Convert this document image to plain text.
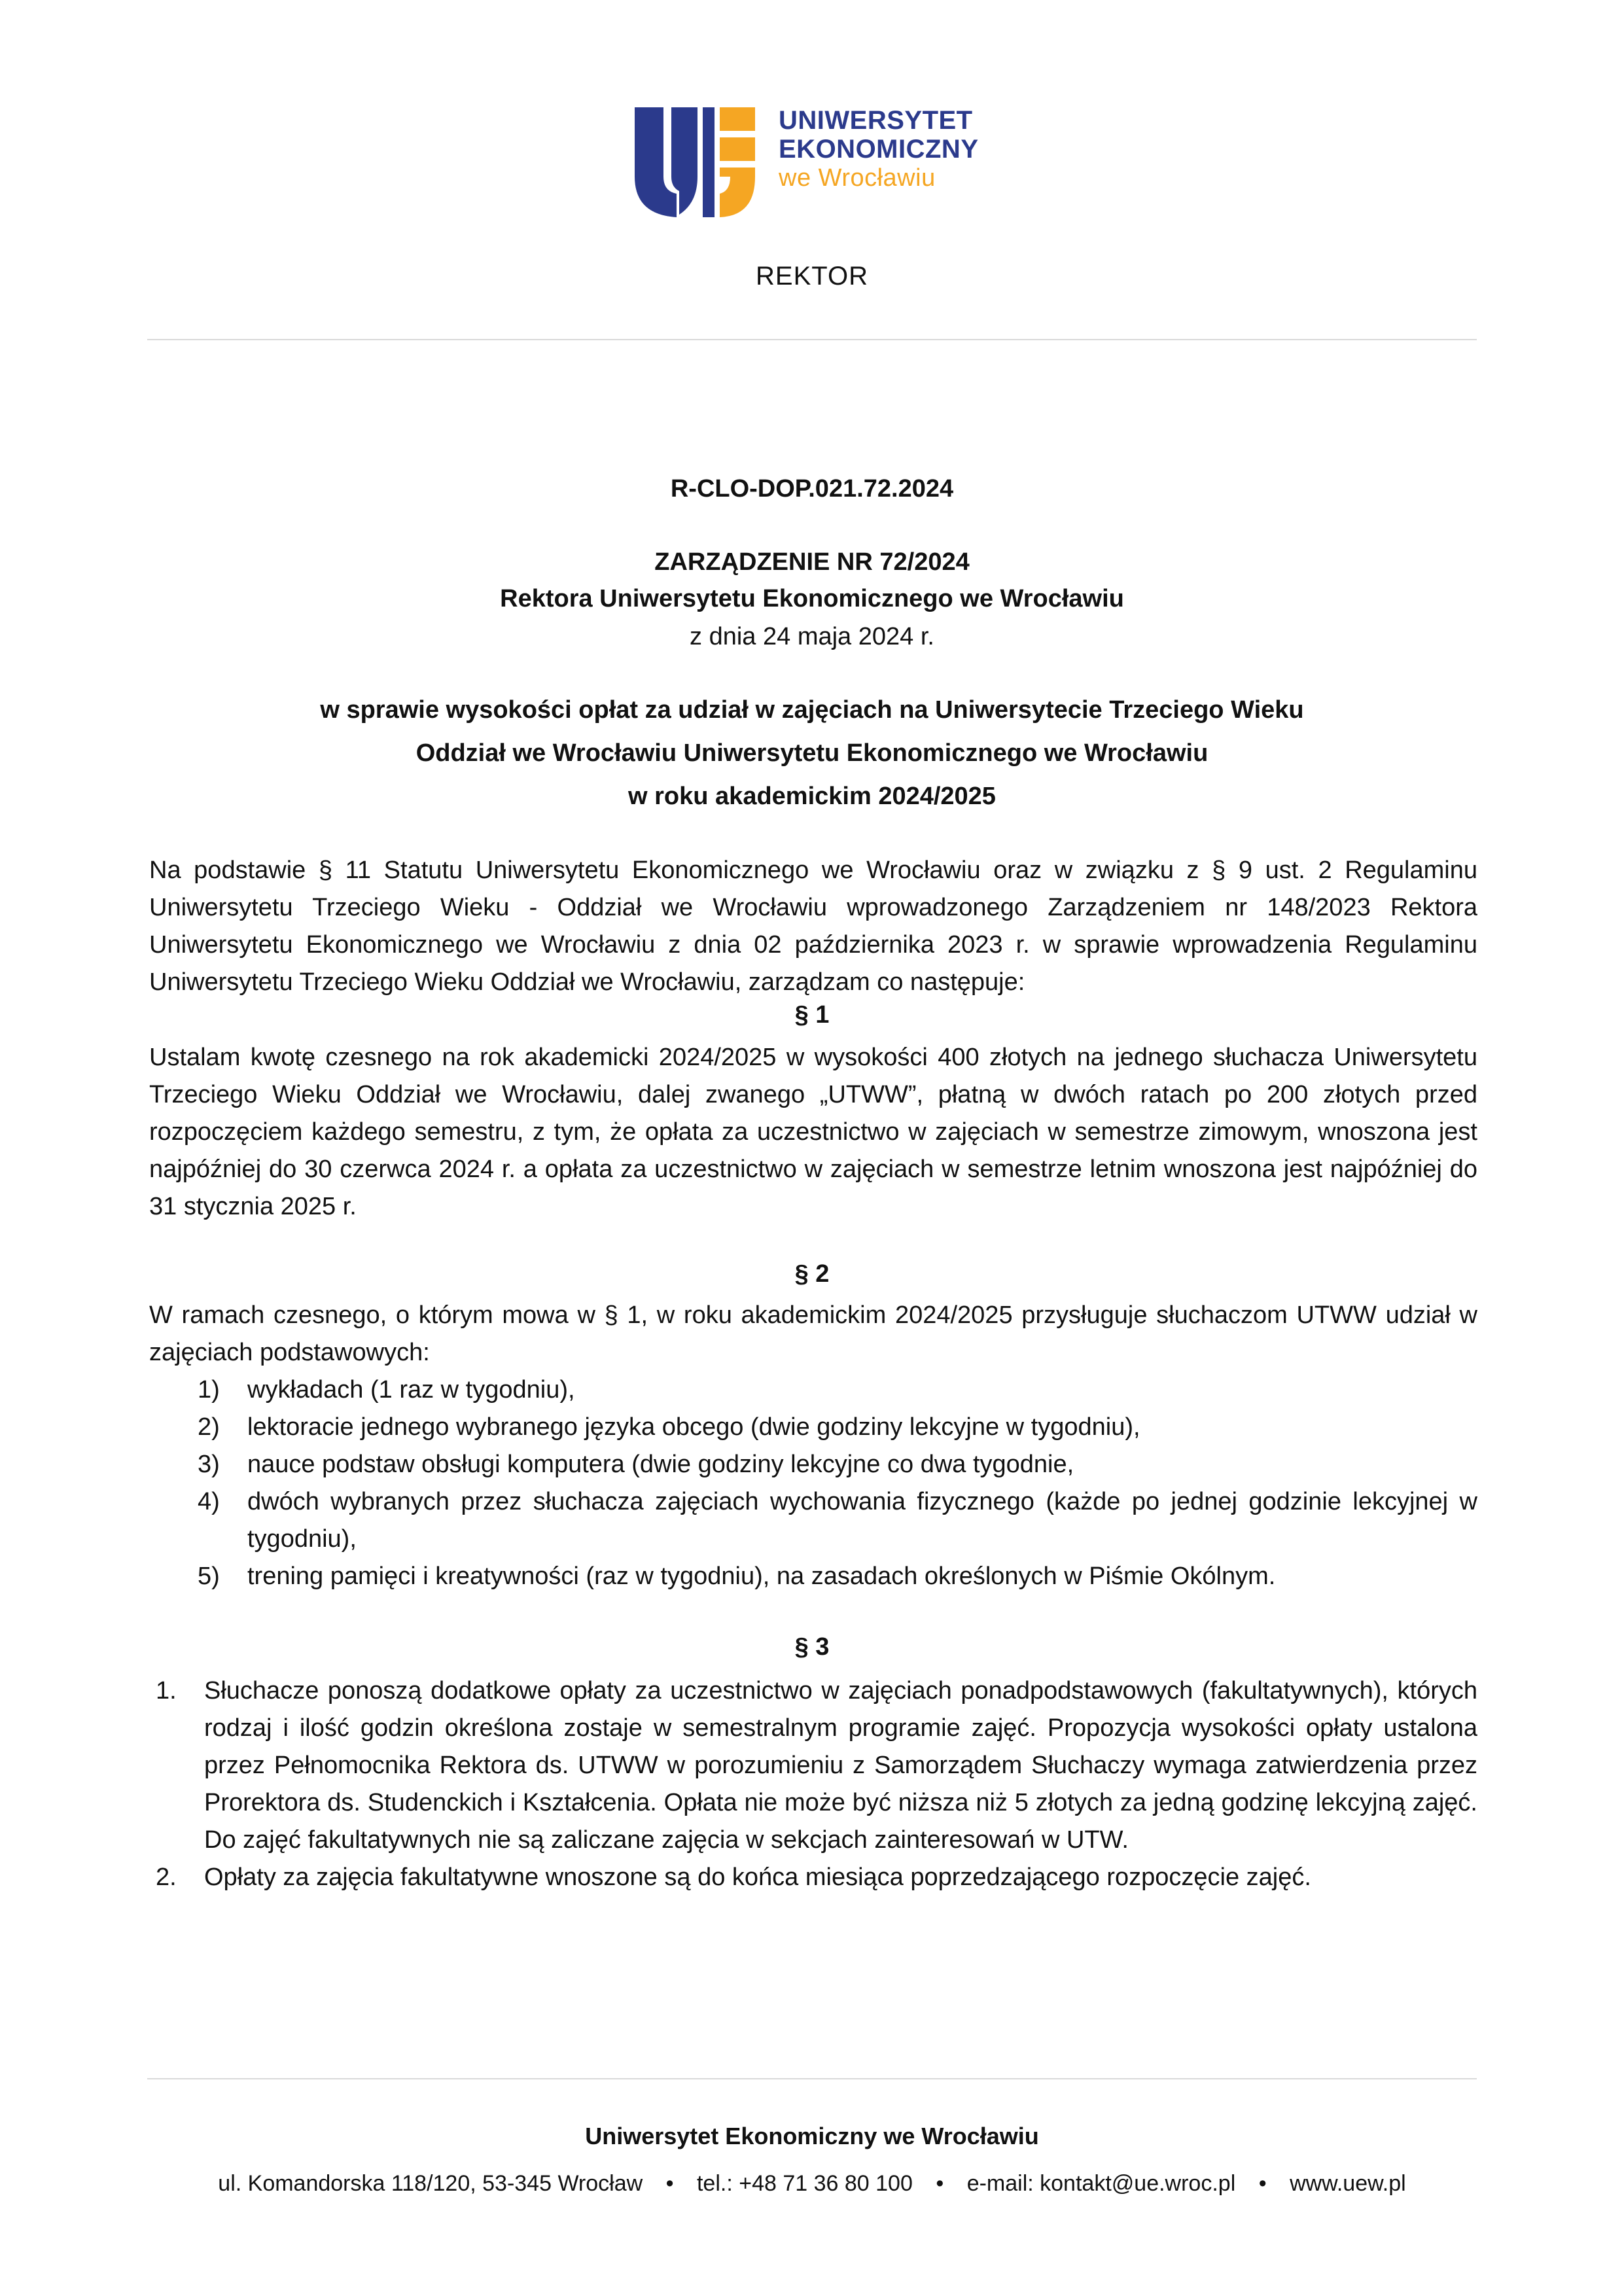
UNIWERSYTET
EKONOMICZNY
we Wrocławiu
REKTOR
R-CLO-DOP.021.72.2024
ZARZĄDZENIE NR 72/2024
Rektora Uniwersytetu Ekonomicznego we Wrocławiu
z dnia 24 maja 2024 r.
w sprawie wysokości opłat za udział w zajęciach na Uniwersytecie Trzeciego Wieku
Oddział we Wrocławiu Uniwersytetu Ekonomicznego we Wrocławiu
w roku akademickim 2024/2025

Na podstawie § 11 Statutu Uniwersytetu Ekonomicznego we Wrocławiu oraz w związku z § 9 ust. 2 Regulaminu Uniwersytetu Trzeciego Wieku - Oddział we Wrocławiu wprowadzonego Zarządzeniem nr 148/2023 Rektora Uniwersytetu Ekonomicznego we Wrocławiu z dnia 02 października 2023 r. w sprawie wprowadzenia Regulaminu Uniwersytetu Trzeciego Wieku Oddział we Wrocławiu, zarządzam co następuje:

§ 1

Ustalam kwotę czesnego na rok akademicki 2024/2025 w wysokości 400 złotych na jednego słuchacza Uniwersytetu Trzeciego Wieku Oddział we Wrocławiu, dalej zwanego „UTWW”, płatną w dwóch ratach po 200 złotych przed rozpoczęciem każdego semestru, z tym, że opłata za uczestnictwo w zajęciach w semestrze zimowym, wnoszona jest najpóźniej do 30 czerwca 2024 r. a opłata za uczestnictwo w zajęciach w semestrze letnim wnoszona jest najpóźniej do 31 stycznia 2025 r.

§ 2

W ramach czesnego, o którym mowa w § 1, w roku akademickim 2024/2025 przysługuje słuchaczom UTWW udział w zajęciach podstawowych:

1) wykładach (1 raz w tygodniu),
2) lektoracie jednego wybranego języka obcego (dwie godziny lekcyjne w tygodniu),
3) nauce podstaw obsługi komputera (dwie godziny lekcyjne co dwa tygodnie,
4) dwóch wybranych przez słuchacza zajęciach wychowania fizycznego (każde po jednej godzinie lekcyjnej w tygodniu),
5) trening pamięci i kreatywności (raz w tygodniu), na zasadach określonych w Piśmie Okólnym.
§ 3
1. Słuchacze ponoszą dodatkowe opłaty za uczestnictwo w zajęciach ponadpodstawowych (fakultatywnych), których rodzaj i ilość godzin określona zostaje w semestralnym programie zajęć. Propozycja wysokości opłaty ustalona przez Pełnomocnika Rektora ds. UTWW w porozumieniu z Samorządem Słuchaczy wymaga zatwierdzenia przez Prorektora ds. Studenckich i Kształcenia. Opłata nie może być niższa niż 5 złotych za jedną godzinę lekcyjną zajęć. Do zajęć fakultatywnych nie są zaliczane zajęcia w sekcjach zainteresowań w UTW.
2. Opłaty za zajęcia fakultatywne wnoszone są do końca miesiąca poprzedzającego rozpoczęcie zajęć.
Uniwersytet Ekonomiczny we Wrocławiu
ul. Komandorska 118/120, 53-345 Wrocław • tel.: +48 71 36 80 100 • e-mail: kontakt@ue.wroc.pl • www.uew.pl
